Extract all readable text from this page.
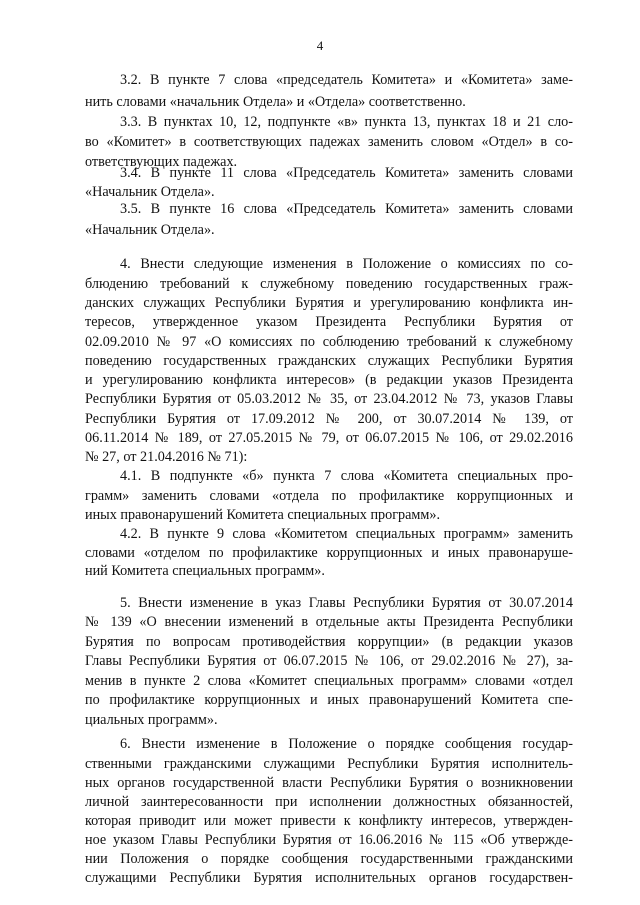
4
3.2. В пункте 7 слова «председатель Комитета» и «Комитета» заме-
нить словами «начальник Отдела» и «Отдела» соответственно.
3.3. В пунктах 10, 12, подпункте «в» пункта 13, пунктах 18 и 21 сло-
во «Комитет» в соответствующих падежах заменить словом «Отдел» в со-
ответствующих падежах.
3.4. В пункте 11 слова «Председатель Комитета» заменить словами
«Начальник Отдела».
3.5. В пункте 16 слова «Председатель Комитета» заменить словами
«Начальник Отдела».
4. Внести следующие изменения в Положение о комиссиях по со-
блюдению требований к служебному поведению государственных граж-
данских служащих Республики Бурятия и урегулированию конфликта ин-
тересов, утвержденное указом Президента Республики Бурятия от
02.09.2010 № 97 «О комиссиях по соблюдению требований к служебному
поведению государственных гражданских служащих Республики Бурятия
и урегулированию конфликта интересов» (в редакции указов Президента
Республики Бурятия от 05.03.2012 № 35, от 23.04.2012 № 73, указов Главы
Республики Бурятия от 17.09.2012 № 200, от 30.07.2014 № 139, от
06.11.2014 № 189, от 27.05.2015 № 79, от 06.07.2015 № 106, от 29.02.2016
№ 27, от 21.04.2016 № 71):
4.1. В подпункте «б» пункта 7 слова «Комитета специальных про-
грамм» заменить словами «отдела по профилактике коррупционных и
иных правонарушений Комитета специальных программ».
4.2. В пункте 9 слова «Комитетом специальных программ» заменить
словами «отделом по профилактике коррупционных и иных правонаруше-
ний Комитета специальных программ».
5. Внести изменение в указ Главы Республики Бурятия от 30.07.2014
№ 139 «О внесении изменений в отдельные акты Президента Республики
Бурятия по вопросам противодействия коррупции» (в редакции указов
Главы Республики Бурятия от 06.07.2015 № 106, от 29.02.2016 № 27), за-
менив в пункте 2 слова «Комитет специальных программ» словами «отдел
по профилактике коррупционных и иных правонарушений Комитета спе-
циальных программ».
6. Внести изменение в Положение о порядке сообщения государ-
ственными гражданскими служащими Республики Бурятия исполнитель-
ных органов государственной власти Республики Бурятия о возникновении
личной заинтересованности при исполнении должностных обязанностей,
которая приводит или может привести к конфликту интересов, утвержден-
ное указом Главы Республики Бурятия от 16.06.2016 № 115 «Об утвержде-
нии Положения о порядке сообщения государственными гражданскими
служащими Республики Бурятия исполнительных органов государствен-
